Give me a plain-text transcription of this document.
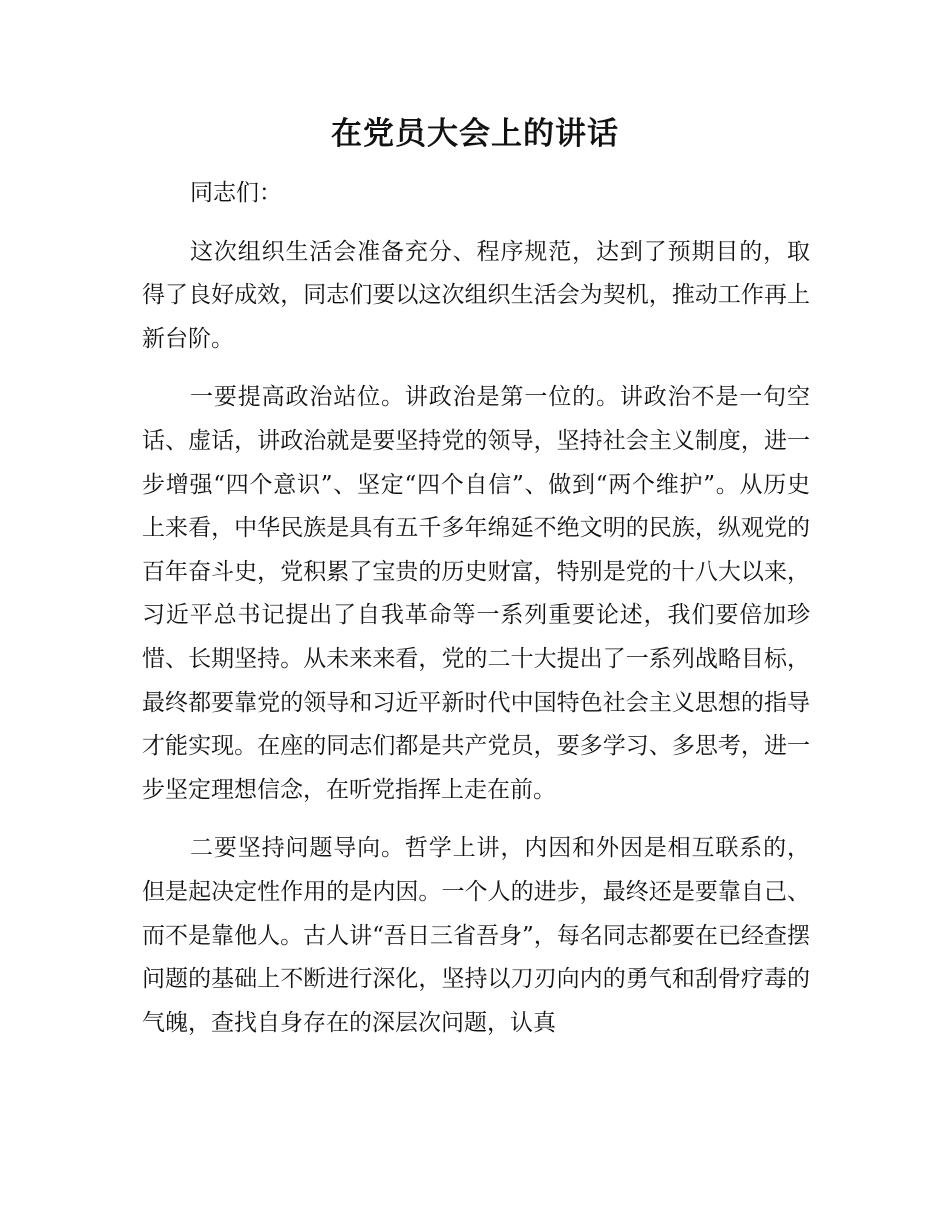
在党员大会上的讲话

同志们：

这次组织生活会准备充分、程序规范，达到了预期目的，取得了良好成效，同志们要以这次组织生活会为契机，推动工作再上新台阶。

一要提高政治站位。讲政治是第一位的。讲政治不是一句空话、虚话，讲政治就是要坚持党的领导，坚持社会主义制度，进一步增强“四个意识”、坚定“四个自信”、做到“两个维护”。从历史上来看，中华民族是具有五千多年绵延不绝文明的民族，纵观党的百年奋斗史，党积累了宝贵的历史财富，特别是党的十八大以来，习近平总书记提出了自我革命等一系列重要论述，我们要倍加珍惜、长期坚持。从未来来看，党的二十大提出了一系列战略目标，最终都要靠党的领导和习近平新时代中国特色社会主义思想的指导才能实现。在座的同志们都是共产党员，要多学习、多思考，进一步坚定理想信念，在听党指挥上走在前。

二要坚持问题导向。哲学上讲，内因和外因是相互联系的，但是起决定性作用的是内因。一个人的进步，最终还是要靠自己、而不是靠他人。古人讲“吾日三省吾身”，每名同志都要在已经查摆问题的基础上不断进行深化，坚持以刀刃向内的勇气和刮骨疗毒的气魄，查找自身存在的深层次问题，认真
